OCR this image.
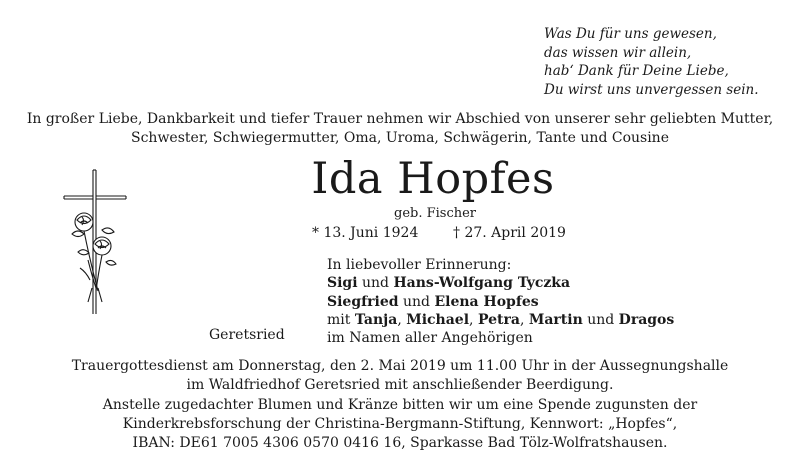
Was Du für uns gewesen,
das wissen wir allein,
hab‘ Dank für Deine Liebe,
Du wirst uns unvergessen sein.
In großer Liebe, Dankbarkeit und tiefer Trauer nehmen wir Abschied von unserer sehr geliebten Mutter,
Schwester, Schwiegermutter, Oma, Uroma, Schwägerin, Tante und Cousine
Ida Hopfes
geb. Fischer
* 13. Juni 1924 † 27. April 2019
In liebevoller Erinnerung:
Sigi und Hans-Wolfgang Tyczka
Siegfried und Elena Hopfes
mit Tanja, Michael, Petra, Martin und Dragos
im Namen aller Angehörigen
Geretsried
Trauergottesdienst am Donnerstag, den 2. Mai 2019 um 11.00 Uhr in der Aussegnungshalle
im Waldfriedhof Geretsried mit anschließender Beerdigung.
Anstelle zugedachter Blumen und Kränze bitten wir um eine Spende zugunsten der
Kinderkrebsforschung der Christina-Bergmann-Stiftung, Kennwort: „Hopfes“,
IBAN: DE61 7005 4306 0570 0416 16, Sparkasse Bad Tölz-Wolfratshausen.
